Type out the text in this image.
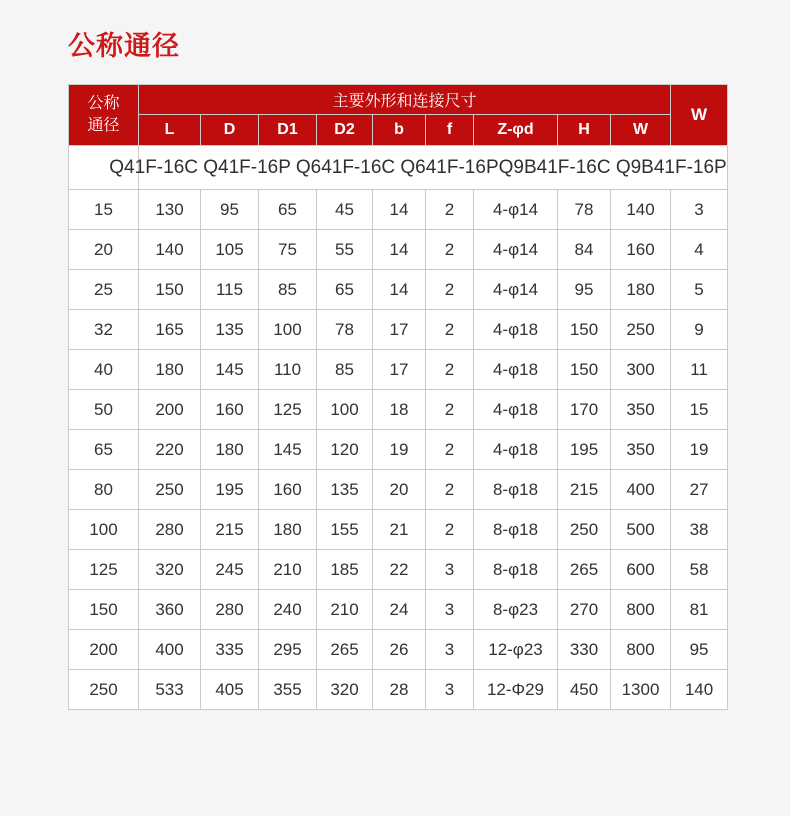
公称通径
公称
通径	主要外形和连接尺寸									W
	L	D	D1	D2	b	f	Z-φd	H	W	
	Q41F-16C Q41F-16P Q641F-16C Q641F-16PQ9B41F-16C Q9B41F-16P									
15	130	95	65	45	14	2	4-φ14	78	140	3
20	140	105	75	55	14	2	4-φ14	84	160	4
25	150	115	85	65	14	2	4-φ14	95	180	5
32	165	135	100	78	17	2	4-φ18	150	250	9
40	180	145	110	85	17	2	4-φ18	150	300	11
50	200	160	125	100	18	2	4-φ18	170	350	15
65	220	180	145	120	19	2	4-φ18	195	350	19
80	250	195	160	135	20	2	8-φ18	215	400	27
100	280	215	180	155	21	2	8-φ18	250	500	38
125	320	245	210	185	22	3	8-φ18	265	600	58
150	360	280	240	210	24	3	8-φ23	270	800	81
200	400	335	295	265	26	3	12-φ23	330	800	95
250	533	405	355	320	28	3	12-Φ29	450	1300	140
